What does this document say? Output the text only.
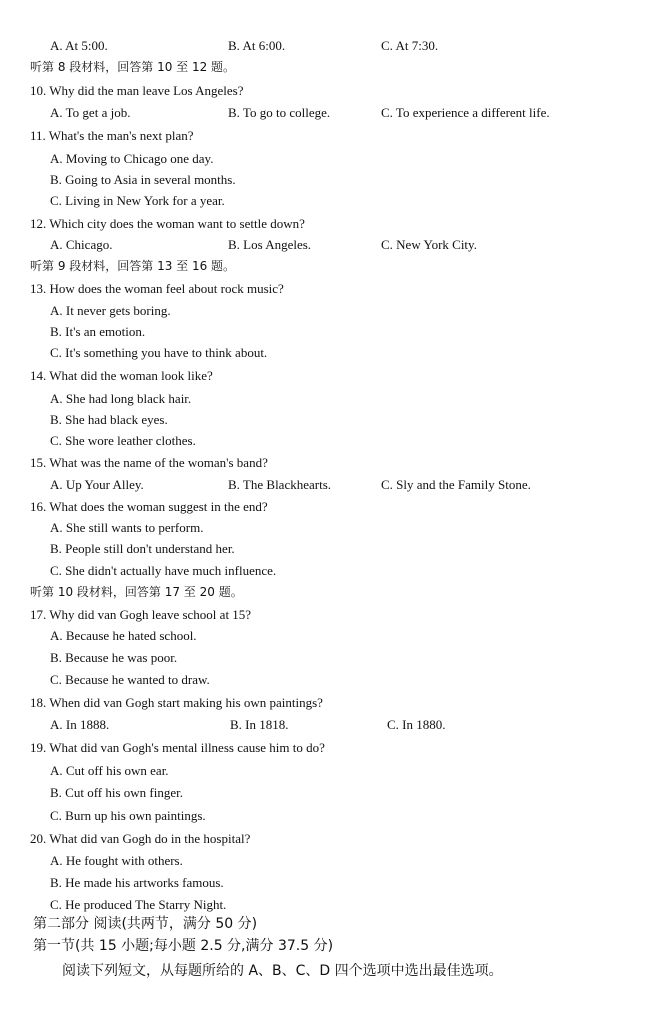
A. At 5:00.	B. At 6:00.	C. At 7:30.
听第 8 段材料，回答第 10 至 12 题。
10. Why did the man leave Los Angeles?
A. To get a job.	B. To go to college.	C. To experience a different life.
11. What's the man's next plan?
A. Moving to Chicago one day.
B. Going to Asia in several months.
C. Living in New York for a year.
12. Which city does the woman want to settle down?
A. Chicago.	B. Los Angeles.	C. New York City.
听第 9 段材料，回答第 13 至 16 题。
13. How does the woman feel about rock music?
A. It never gets boring.
B. It's an emotion.
C. It's something you have to think about.
14. What did the woman look like?
A. She had long black hair.
B. She had black eyes.
C. She wore leather clothes.
15. What was the name of the woman's band?
A. Up Your Alley.	B. The Blackhearts.	C. Sly and the Family Stone.
16. What does the woman suggest in the end?
A. She still wants to perform.
B. People still don't understand her.
C. She didn't actually have much influence.
听第 10 段材料，回答第 17 至 20 题。
17. Why did van Gogh leave school at 15?
A. Because he hated school.
B. Because he was poor.
C. Because he wanted to draw.
18. When did van Gogh start making his own paintings?
A. In 1888.	B. In 1818.	C. In 1880.
19. What did van Gogh's mental illness cause him to do?
A. Cut off his own ear.
B. Cut off his own finger.
C. Burn up his own paintings.
20. What did van Gogh do in the hospital?
A. He fought with others.
B. He made his artworks famous.
C. He produced The Starry Night.
第二部分 阅读(共两节，满分 50 分)
第一节(共 15 小题;每小题 2.5 分,满分 37.5 分)
阅读下列短文，从每题所给的 A、B、C、D 四个选项中选出最佳选项。
